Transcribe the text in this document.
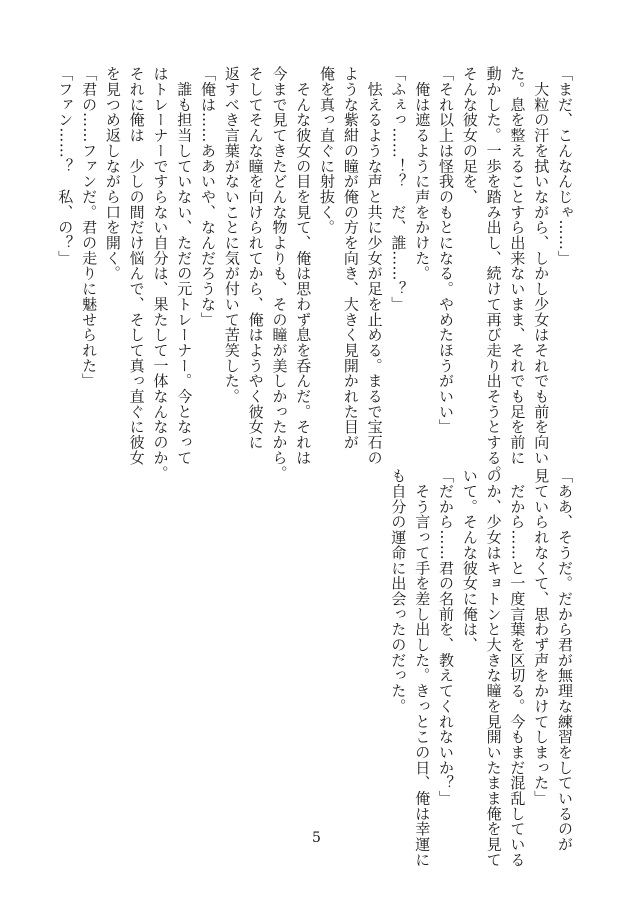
「まだ、こんなんじゃ……」
　大粒の汗を拭いながら、しかし少女はそれでも前を向い
た。息を整えることすら出来ないまま、それでも足を前に
動かした。一歩を踏み出し、続けて再び走り出そうとする。
そんな彼女の足を、
「それ以上は怪我のもとになる。やめたほうがいい」
　俺は遮るように声をかけた。
「ふぇっ……！？　だ、誰……？」
　怯えるような声と共に少女が足を止める。まるで宝石の
ような紫紺の瞳が俺の方を向き、大きく見開かれた目が
俺を真っ直ぐに射抜く。
　そんな彼女の目を見て、俺は思わず息を呑んだ。それは
今まで見てきたどんな物よりも、その瞳が美しかったから。
そしてそんな瞳を向けられてから、俺はようやく彼女に
返すべき言葉がないことに気が付いて苦笑した。
「俺は……ああいや、なんだろうな」
　誰も担当していない、ただの元トレーナー。今となって
はトレーナーですらない自分は、果たして一体なんなのか。
それに俺は　少しの間だけ悩んで、そして真っ直ぐに彼女
を見つめ返しながら口を開く。
「君の……ファンだ。君の走りに魅せられた」
「ファン……？　私、の？」
「ああ、そうだ。だから君が無理な練習をしているのが
見ていられなくて、思わず声をかけてしまった」
　だから……と一度言葉を区切る。今もまだ混乱している
のか、少女はキョトンと大きな瞳を見開いたまま俺を見て
いて。そんな彼女に俺は、
「だから……君の名前を、教えてくれないか？」
　そう言って手を差し出した。きっとこの日、俺は幸運に
も自分の運命に出会ったのだった。
5
